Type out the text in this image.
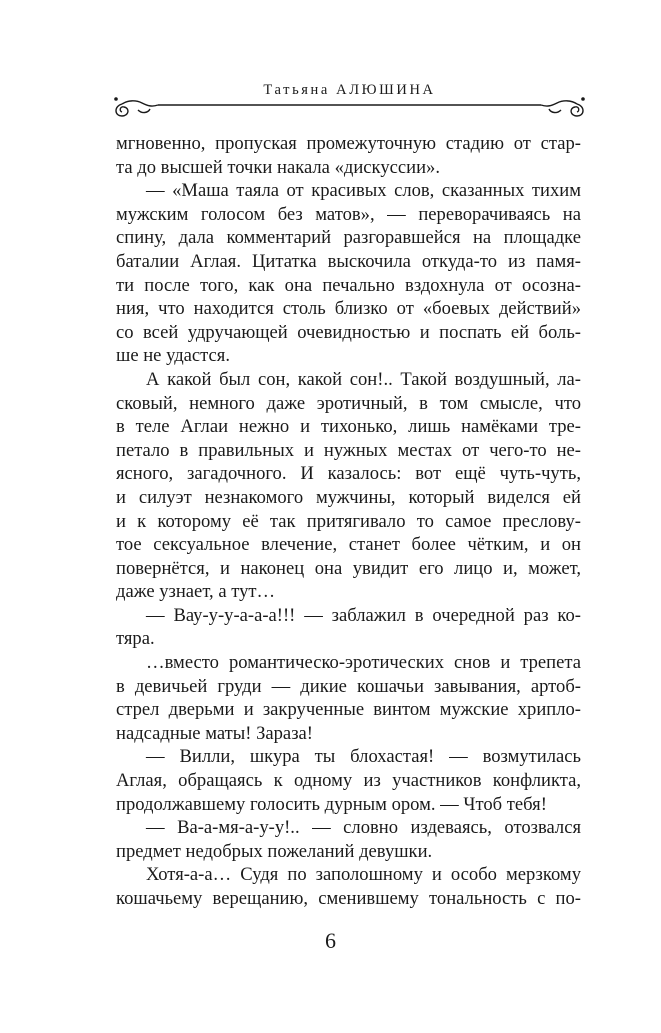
Татьяна АЛЮШИНА
мгновенно, пропуская промежуточную стадию от стар-
та до высшей точки накала «дискуссии».
— «Маша таяла от красивых слов, сказанных тихим
мужским голосом без матов», — переворачиваясь на
спину, дала комментарий разгоравшейся на площадке
баталии Аглая. Цитатка выскочила откуда-то из памя-
ти после того, как она печально вздохнула от осозна-
ния, что находится столь близко от «боевых действий»
со всей удручающей очевидностью и поспать ей боль-
ше не удастся.
А какой был сон, какой сон!.. Такой воздушный, ла-
сковый, немного даже эротичный, в том смысле, что
в теле Аглаи нежно и тихонько, лишь намёками тре-
петало в правильных и нужных местах от чего-то не-
ясного, загадочного. И казалось: вот ещё чуть-чуть,
и силуэт незнакомого мужчины, который виделся ей
и к которому её так притягивало то самое преслову-
тое сексуальное влечение, станет более чётким, и он
повернётся, и наконец она увидит его лицо и, может,
даже узнает, а тут…
— Вау-у-у-а-а-а!!! — заблажил в очередной раз ко-
тяра.
…вместо романтическо-эротических снов и трепета
в девичьей груди — дикие кошачьи завывания, артоб-
стрел дверьми и закрученные винтом мужские хрипло-
надсадные маты! Зараза!
— Вилли, шкура ты блохастая! — возмутилась
Аглая, обращаясь к одному из участников конфликта,
продолжавшему голосить дурным ором. — Чтоб тебя!
— Ва-а-мя-а-у-у!.. — словно издеваясь, отозвался
предмет недобрых пожеланий девушки.
Хотя-а-а… Судя по заполошному и особо мерзкому
кошачьему верещанию, сменившему тональность с по-
6
